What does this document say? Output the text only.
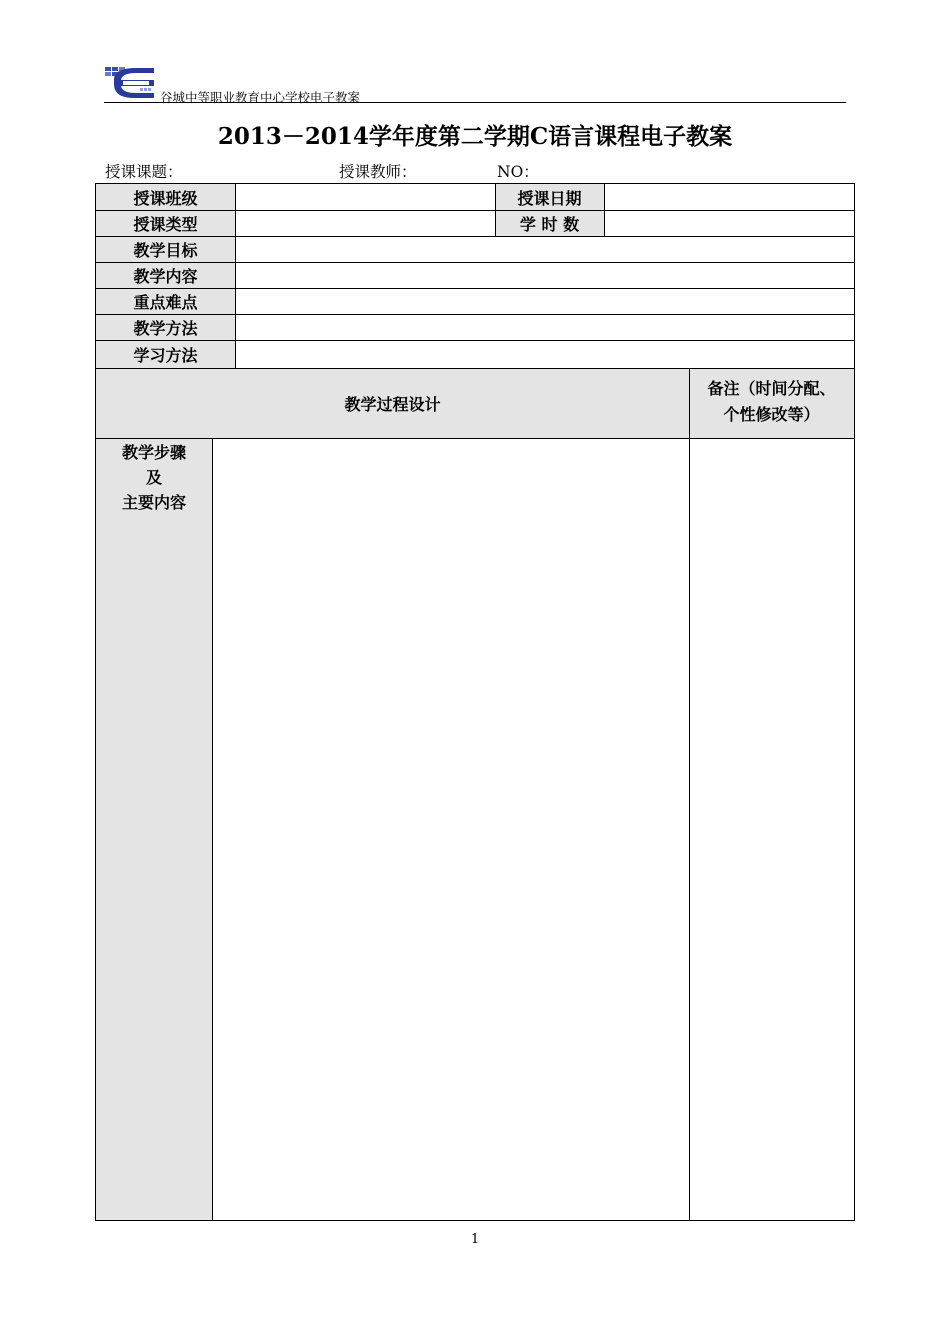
谷城中等职业教育中心学校电子教案
2013－2014学年度第二学期C语言课程电子教案
授课课题：	授课教师：	NO：
授课班级	授课日期
授课类型	学 时 数
教学目标
教学内容
重点难点
教学方法
学习方法
教学过程设计
备注（时间分配、
个性修改等）
教学步骤
及
主要内容
1
